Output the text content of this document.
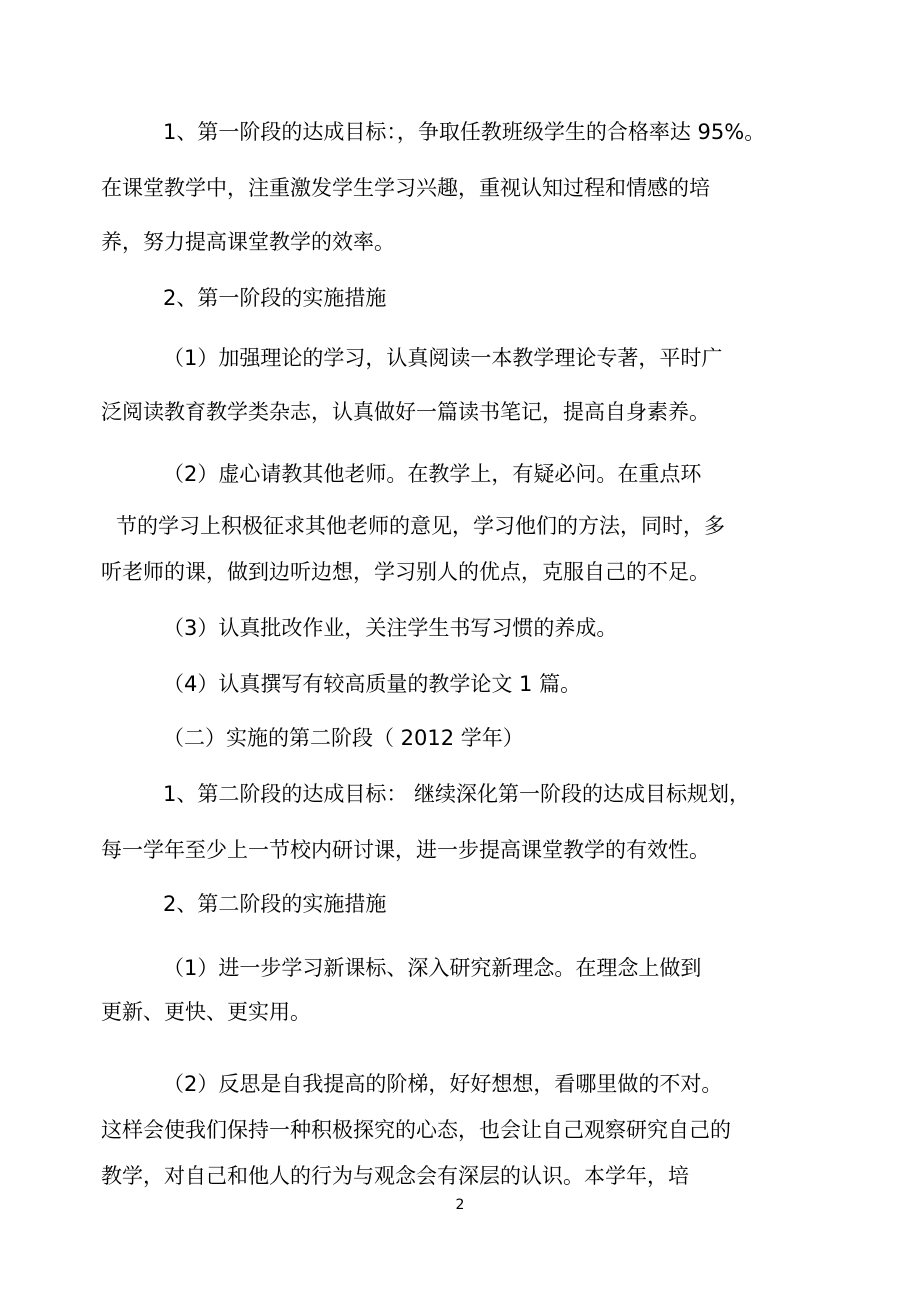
1、第一阶段的达成目标：，争取任教班级学生的合格率达 95%。
在课堂教学中，注重激发学生学习兴趣，重视认知过程和情感的培
养，努力提高课堂教学的效率。
2、第一阶段的实施措施
（1）加强理论的学习，认真阅读一本教学理论专著，平时广
泛阅读教育教学类杂志，认真做好一篇读书笔记，提高自身素养。
（2）虚心请教其他老师。在教学上，有疑必问。在重点环
节的学习上积极征求其他老师的意见，学习他们的方法，同时，多
听老师的课，做到边听边想，学习别人的优点，克服自己的不足。
（3）认真批改作业，关注学生书写习惯的养成。
（4）认真撰写有较高质量的教学论文 1 篇。
（二）实施的第二阶段（ 2012 学年）
1、第二阶段的达成目标： 继续深化第一阶段的达成目标规划，
每一学年至少上一节校内研讨课，进一步提高课堂教学的有效性。
2、第二阶段的实施措施
（1）进一步学习新课标、深入研究新理念。在理念上做到
更新、更快、更实用。
（2）反思是自我提高的阶梯，好好想想，看哪里做的不对。
这样会使我们保持一种积极探究的心态，也会让自己观察研究自己的
教学，对自己和他人的行为与观念会有深层的认识。本学年，培
2
